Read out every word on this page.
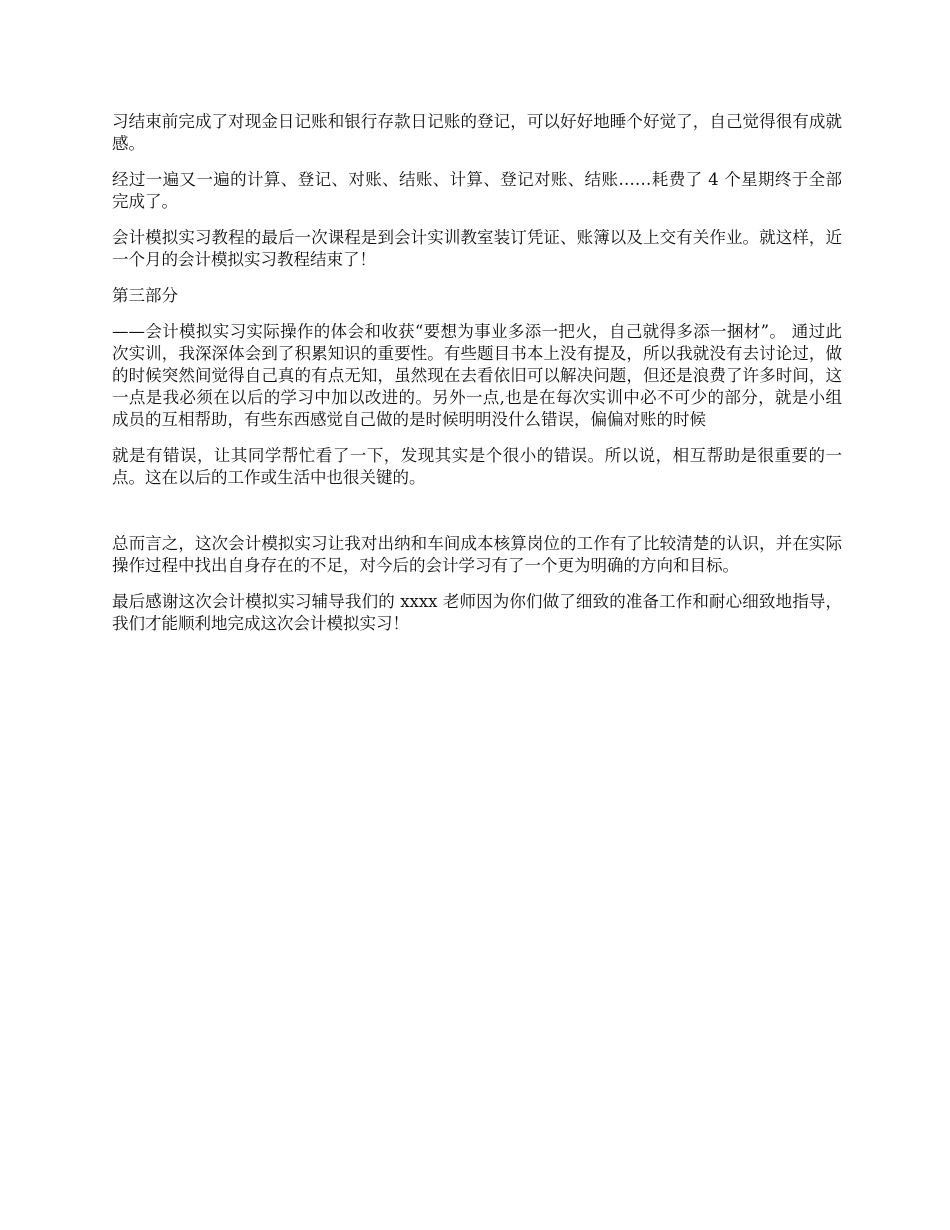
习结束前完成了对现金日记账和银行存款日记账的登记，可以好好地睡个好觉了，自己觉得很有成就感。

经过一遍又一遍的计算、登记、对账、结账、计算、登记对账、结账……耗费了 4 个星期终于全部完成了。

会计模拟实习教程的最后一次课程是到会计实训教室装订凭证、账簿以及上交有关作业。就这样，近一个月的会计模拟实习教程结束了！

第三部分

——会计模拟实习实际操作的体会和收获“要想为事业多添一把火，自己就得多添一捆材”。 通过此次实训，我深深体会到了积累知识的重要性。有些题目书本上没有提及，所以我就没有去讨论过，做的时候突然间觉得自己真的有点无知，虽然现在去看依旧可以解决问题，但还是浪费了许多时间，这一点是我必须在以后的学习中加以改进的。另外一点,也是在每次实训中必不可少的部分，就是小组成员的互相帮助，有些东西感觉自己做的是时候明明没什么错误，偏偏对账的时候

就是有错误，让其同学帮忙看了一下，发现其实是个很小的错误。所以说，相互帮助是很重要的一点。这在以后的工作或生活中也很关键的。

总而言之，这次会计模拟实习让我对出纳和车间成本核算岗位的工作有了比较清楚的认识，并在实际操作过程中找出自身存在的不足，对今后的会计学习有了一个更为明确的方向和目标。

最后感谢这次会计模拟实习辅导我们的 xxxx 老师因为你们做了细致的准备工作和耐心细致地指导，我们才能顺利地完成这次会计模拟实习！
